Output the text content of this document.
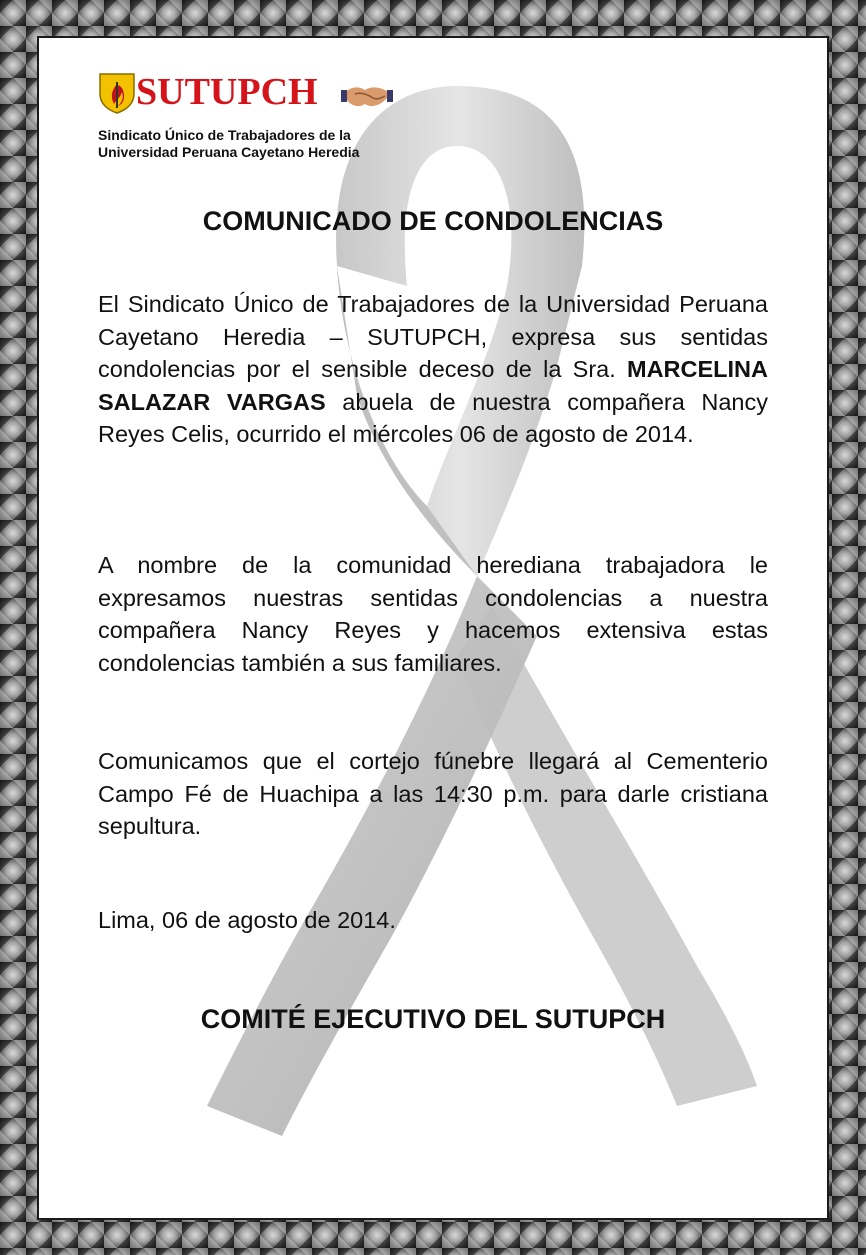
SUTUPCH
Sindicato Único de Trabajadores de la
Universidad Peruana Cayetano Heredia
COMUNICADO DE CONDOLENCIAS
El Sindicato Único de Trabajadores de la Universidad Peruana Cayetano Heredia – SUTUPCH, expresa sus sentidas condolencias por el sensible deceso de la Sra. MARCELINA SALAZAR VARGAS abuela de nuestra compañera Nancy Reyes Celis, ocurrido el miércoles 06 de agosto de 2014.
A nombre de la comunidad herediana trabajadora le expresamos nuestras sentidas condolencias a nuestra compañera Nancy Reyes y hacemos extensiva estas condolencias también a sus familiares.
Comunicamos que el cortejo fúnebre llegará al Cementerio Campo Fé de Huachipa a las 14:30 p.m. para darle cristiana sepultura.
Lima, 06 de agosto de 2014.
COMITÉ EJECUTIVO DEL SUTUPCH
